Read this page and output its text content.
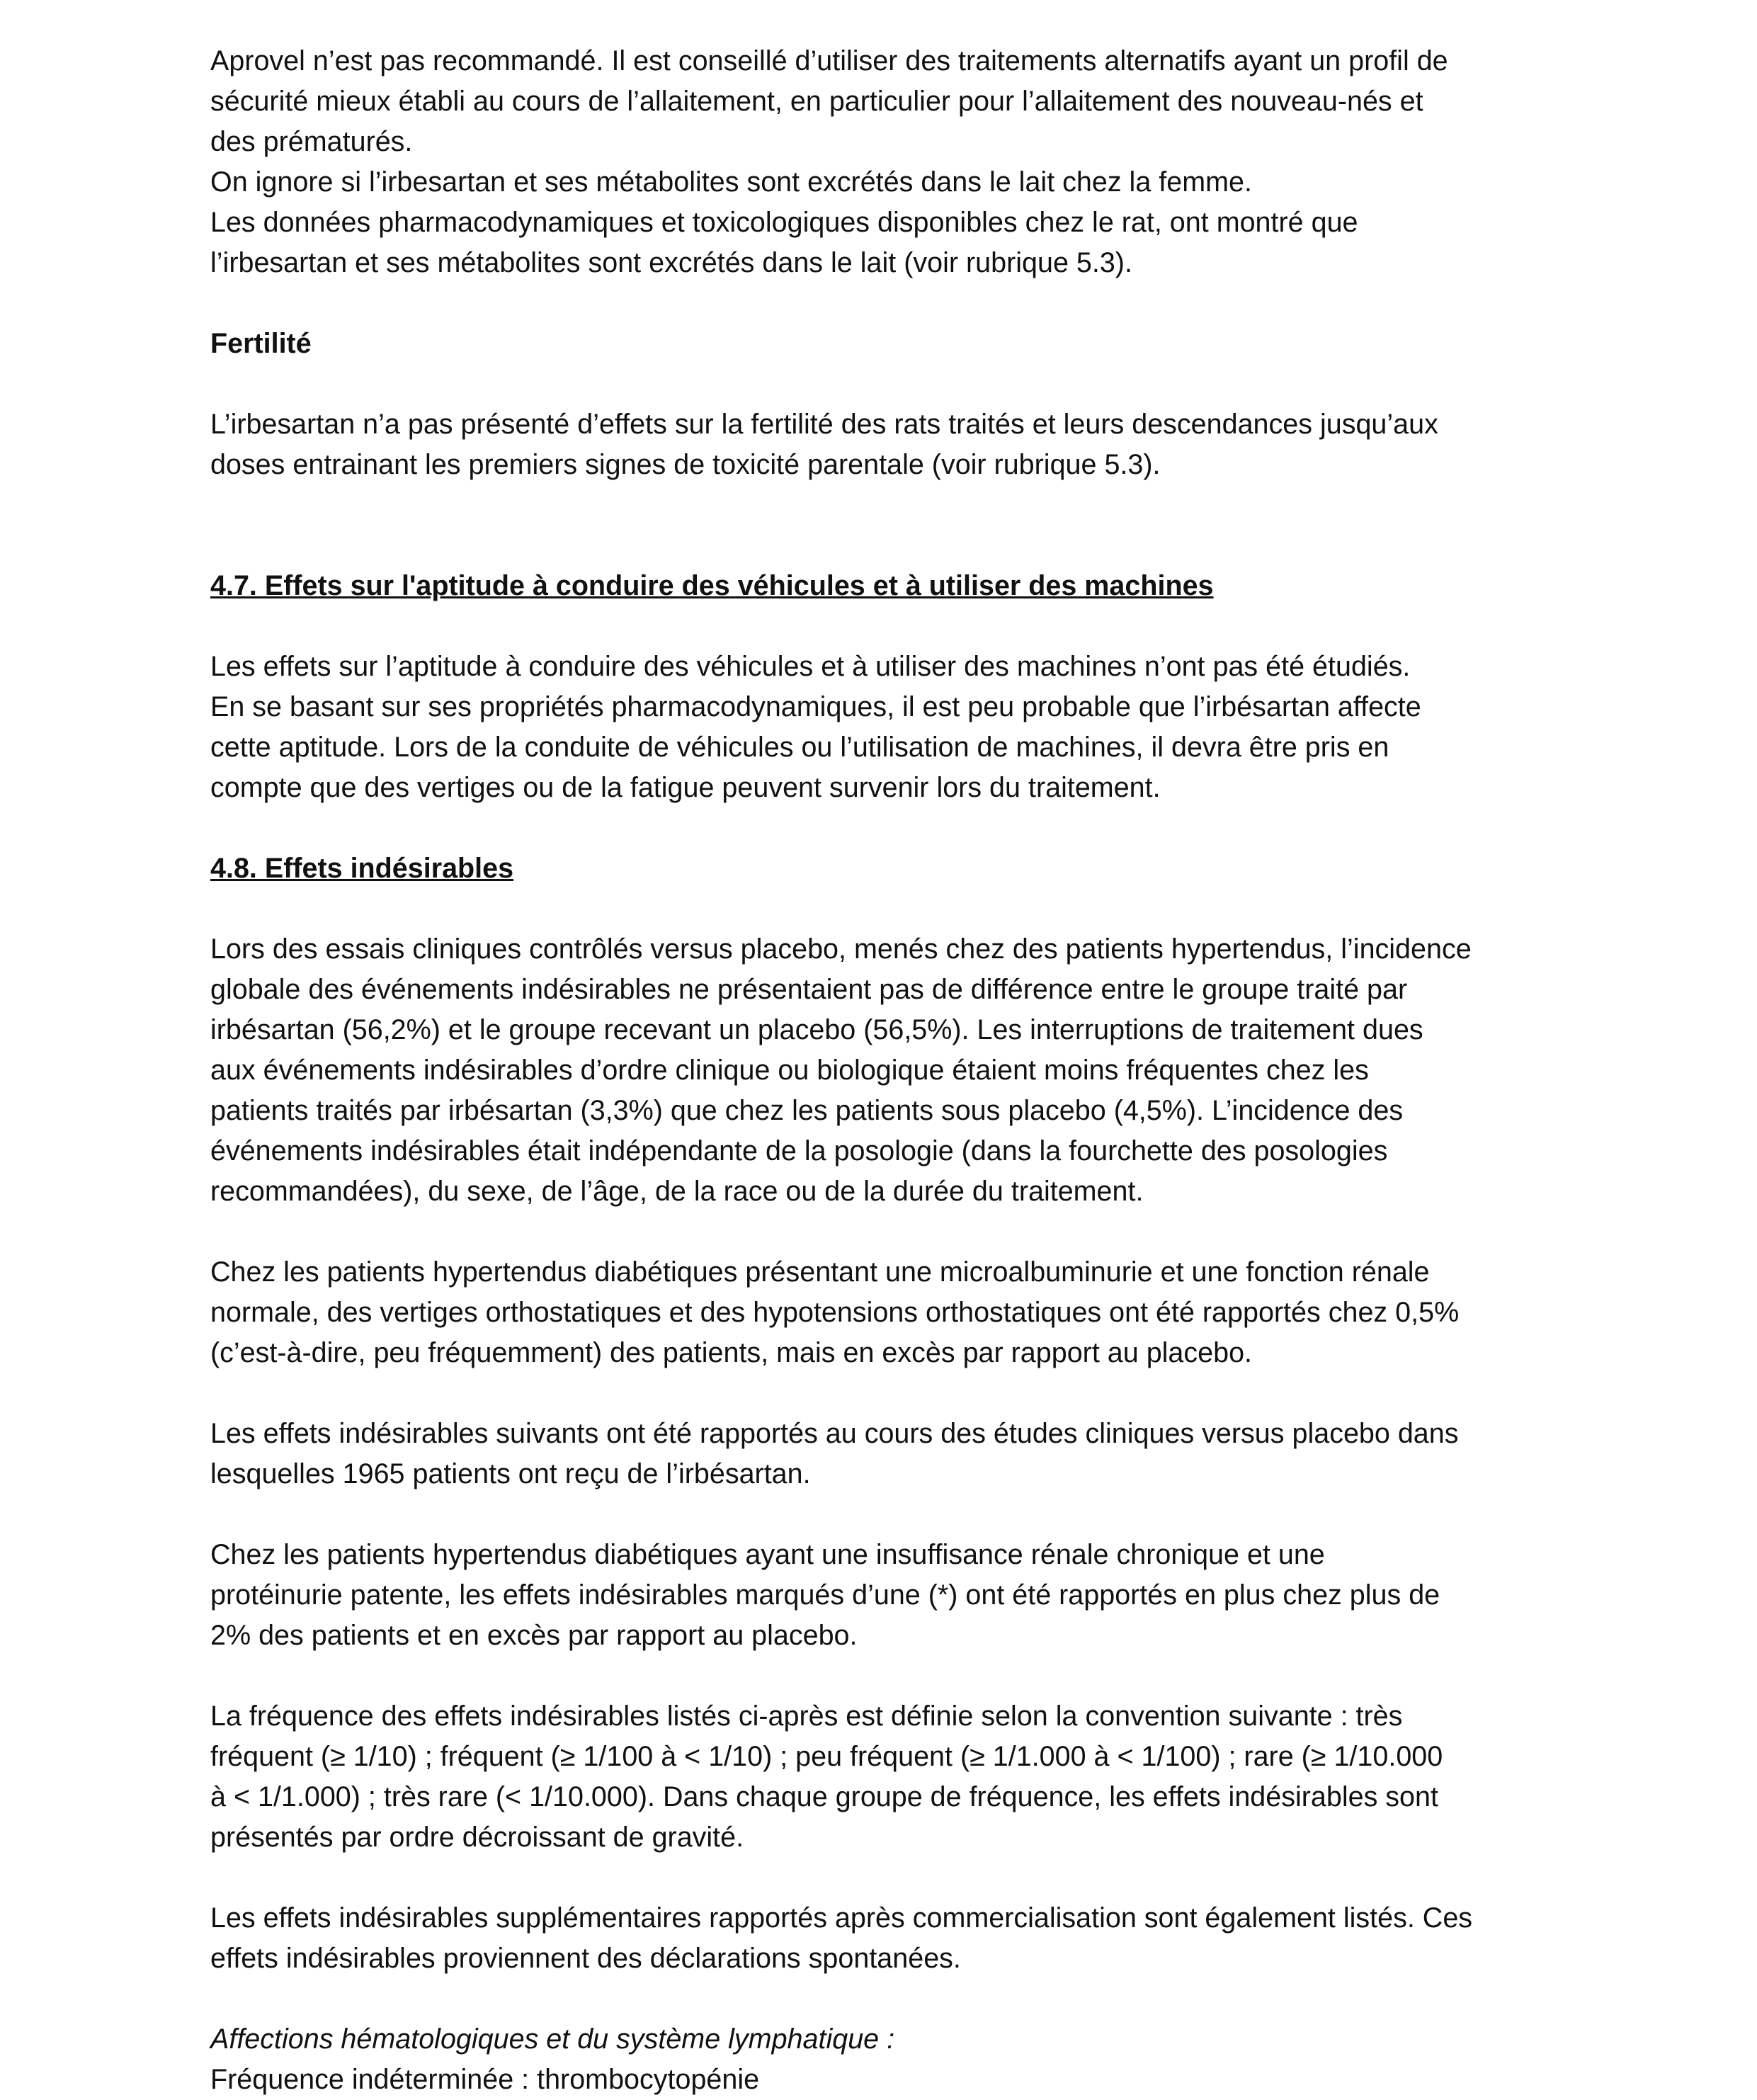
Aprovel n’est pas recommandé. Il est conseillé d’utiliser des traitements alternatifs ayant un profil de
sécurité mieux établi au cours de l’allaitement, en particulier pour l’allaitement des nouveau-nés et
des prématurés.

On ignore si l’irbesartan et ses métabolites sont excrétés dans le lait chez la femme.

Les données pharmacodynamiques et toxicologiques disponibles chez le rat, ont montré que
l’irbesartan et ses métabolites sont excrétés dans le lait (voir rubrique 5.3).

Fertilité

L’irbesartan n’a pas présenté d’effets sur la fertilité des rats traités et leurs descendances jusqu’aux
doses entrainant les premiers signes de toxicité parentale (voir rubrique 5.3).

4.7. Effets sur l'aptitude à conduire des véhicules et à utiliser des machines

Les effets sur l’aptitude à conduire des véhicules et à utiliser des machines n’ont pas été étudiés.
En se basant sur ses propriétés pharmacodynamiques, il est peu probable que l’irbésartan affecte
cette aptitude. Lors de la conduite de véhicules ou l’utilisation de machines, il devra être pris en
compte que des vertiges ou de la fatigue peuvent survenir lors du traitement.

4.8. Effets indésirables

Lors des essais cliniques contrôlés versus placebo, menés chez des patients hypertendus, l’incidence
globale des événements indésirables ne présentaient pas de différence entre le groupe traité par
irbésartan (56,2%) et le groupe recevant un placebo (56,5%). Les interruptions de traitement dues
aux événements indésirables d’ordre clinique ou biologique étaient moins fréquentes chez les
patients traités par irbésartan (3,3%) que chez les patients sous placebo (4,5%). L’incidence des
événements indésirables était indépendante de la posologie (dans la fourchette des posologies
recommandées), du sexe, de l’âge, de la race ou de la durée du traitement.

Chez les patients hypertendus diabétiques présentant une microalbuminurie et une fonction rénale
normale, des vertiges orthostatiques et des hypotensions orthostatiques ont été rapportés chez 0,5%
(c’est-à-dire, peu fréquemment) des patients, mais en excès par rapport au placebo.

Les effets indésirables suivants ont été rapportés au cours des études cliniques versus placebo dans
lesquelles 1965 patients ont reçu de l’irbésartan.

Chez les patients hypertendus diabétiques ayant une insuffisance rénale chronique et une
protéinurie patente, les effets indésirables marqués d’une (*) ont été rapportés en plus chez plus de
2% des patients et en excès par rapport au placebo.

La fréquence des effets indésirables listés ci-après est définie selon la convention suivante : très
fréquent (≥ 1/10) ; fréquent (≥ 1/100 à < 1/10) ; peu fréquent (≥ 1/1.000 à < 1/100) ; rare (≥ 1/10.000
à < 1/1.000) ; très rare (< 1/10.000). Dans chaque groupe de fréquence, les effets indésirables sont
présentés par ordre décroissant de gravité.

Les effets indésirables supplémentaires rapportés après commercialisation sont également listés. Ces
effets indésirables proviennent des déclarations spontanées.

Affections hématologiques et du système lymphatique :

Fréquence indéterminée : thrombocytopénie
